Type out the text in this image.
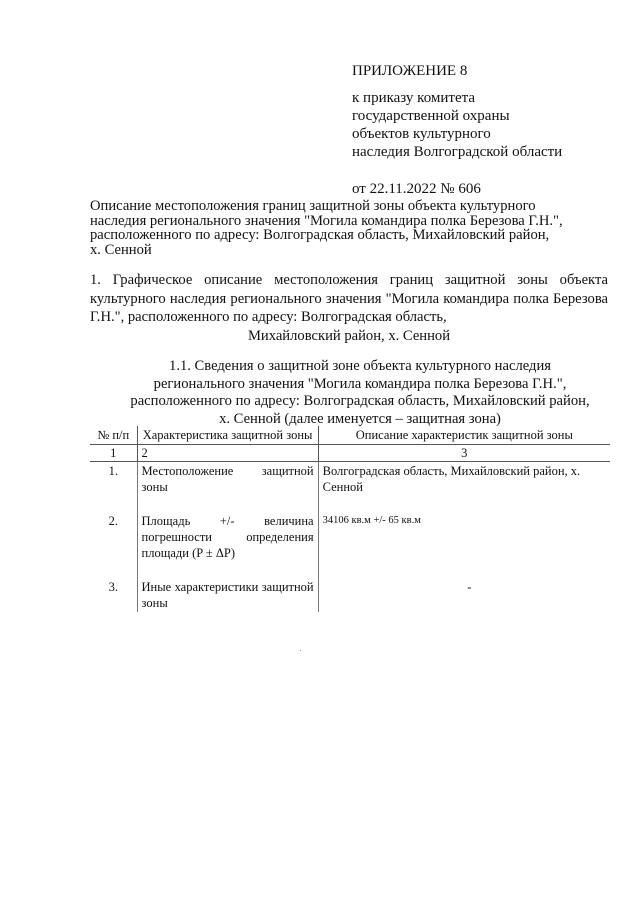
ПРИЛОЖЕНИЕ 8
к приказу комитета
государственной охраны
объектов культурного
наследия Волгоградской области
от 22.11.2022 № 606
Описание местоположения границ защитной зоны объекта культурного
наследия регионального значения "Могила командира полка Березова Г.Н.",
расположенного по адресу: Волгоградская область, Михайловский район,
х. Сенной
1. Графическое описание местоположения границ защитной зоны объекта культурного наследия регионального значения "Могила командира полка Березова Г.Н.", расположенного по адресу: Волгоградская область,
Михайловский район, х. Сенной
1.1. Сведения о защитной зоне объекта культурного наследия
регионального значения "Могила командира полка Березова Г.Н.",
расположенного по адресу: Волгоградская область, Михайловский район,
х. Сенной (далее именуется – защитная зона)
№ п/п	Характеристика защитной зоны	Описание характеристик защитной зоны
1	2	3
1.	Местоположение защитной зоны	Волгоградская область, Михайловский район, х. Сенной

2.	Площадь +/- величина погрешности определения площади (P ± ΔP)	34106 кв.м +/- 65 кв.м

3.	Иные характеристики защитной зоны	-
